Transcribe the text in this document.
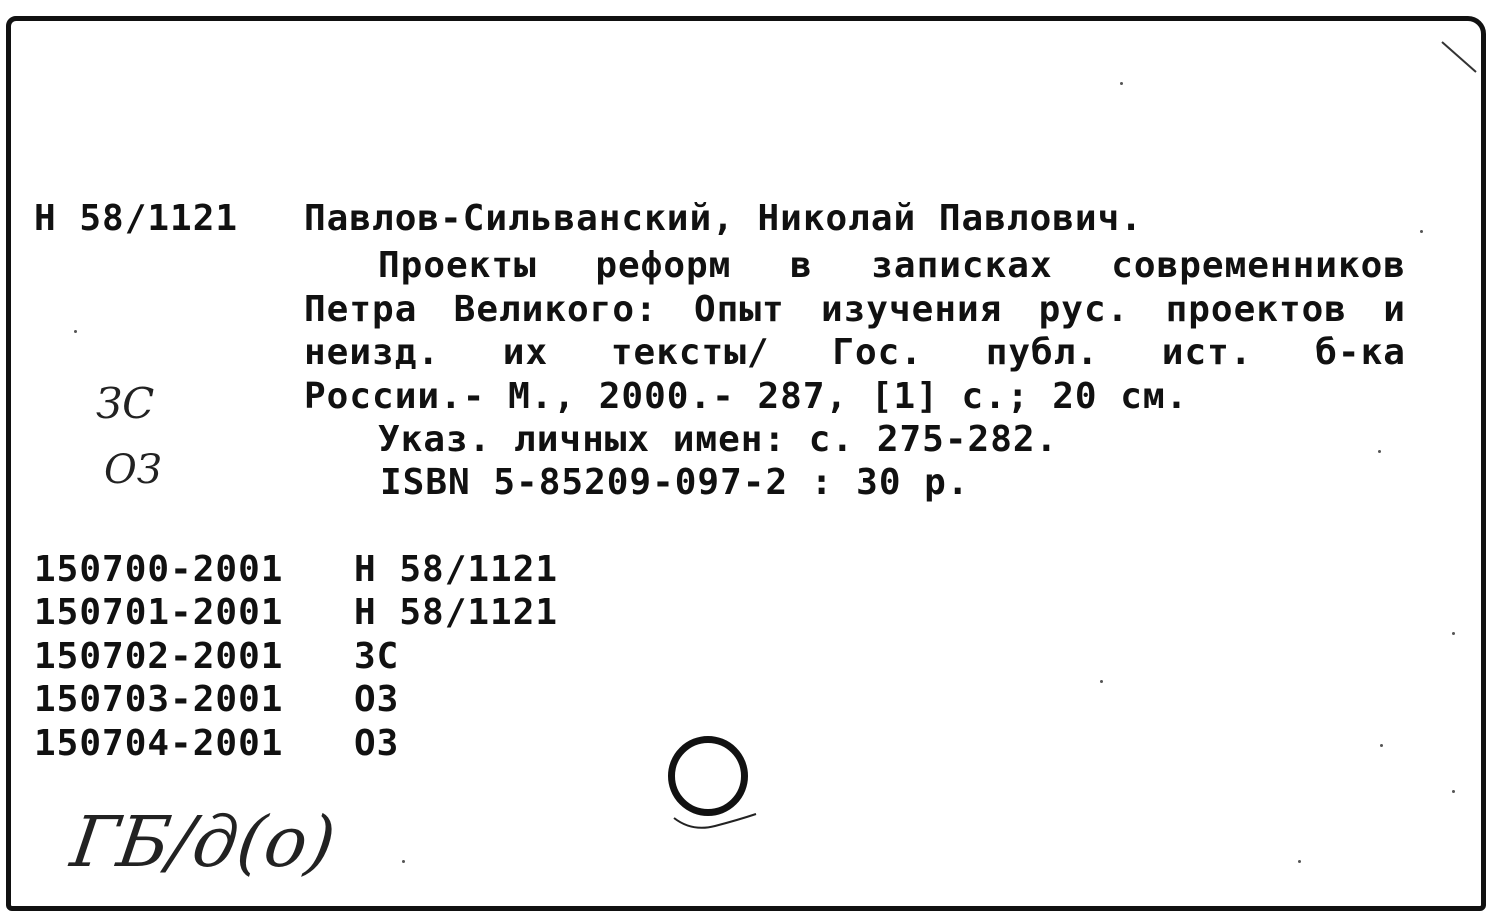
Н 58/1121 Павлов-Сильванский, Николай Павлович.
Проекты реформ в записках современников
Петра Великого: Опыт изучения рус. проектов и
неизд. их тексты/ Гос. публ. ист. б-ка
России.- М., 2000.- 287, [1] с.; 20 см.
Указ. личных имен: с. 275-282.
ISBN 5-85209-097-2 : 30 р.
ЗС
ОЗ
150700-2001 Н 58/1121
150701-2001 Н 58/1121
150702-2001 ЗС
150703-2001 ОЗ
150704-2001 ОЗ
ГБ/д(о)
